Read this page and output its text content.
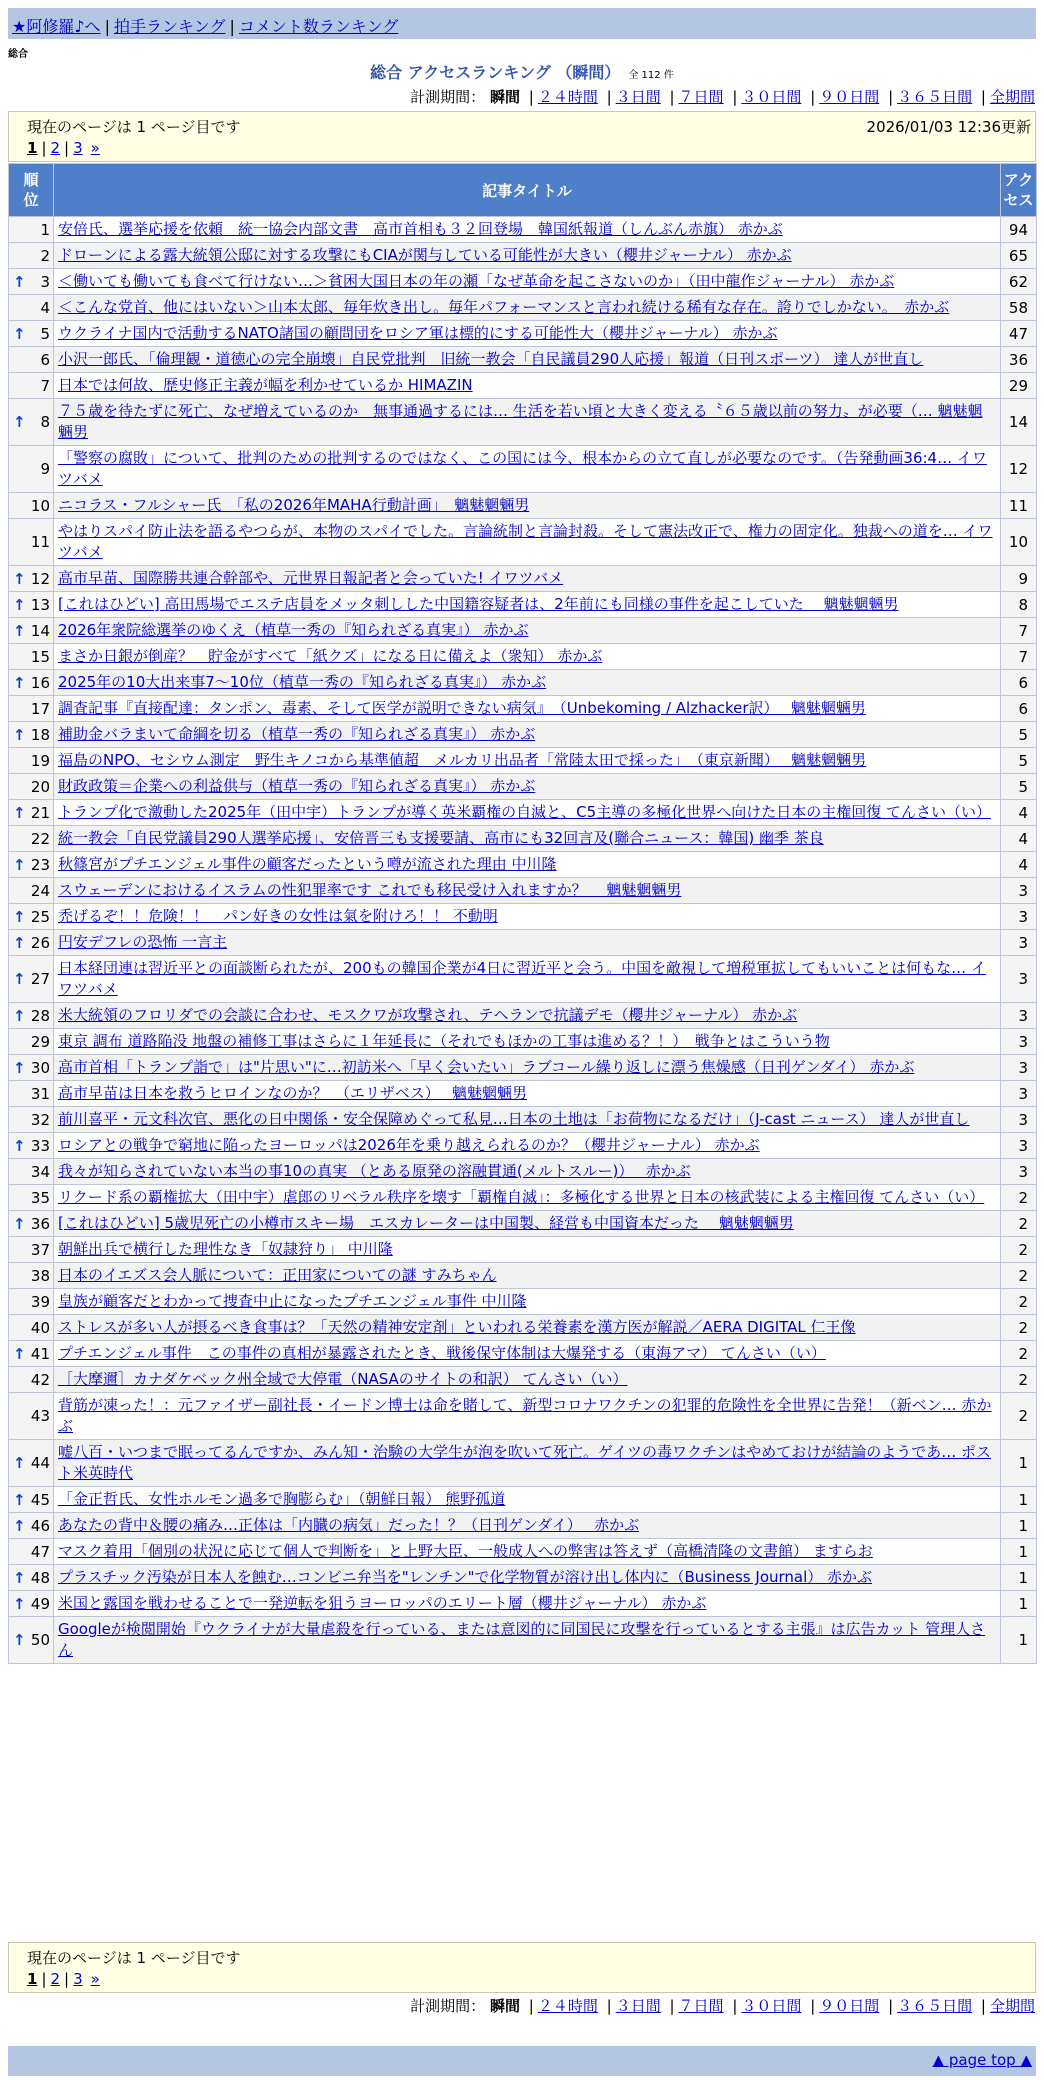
★阿修羅♪へ | 拍手ランキング | コメント数ランキング
総合
総合 アクセスランキング （瞬間） 全 112 件
計測期間： 瞬間 | ２４時間 | ３日間 | ７日間 | ３０日間 | ９０日間 | ３６５日間 | 全期間
現在のページは 1 ページ目です	2026/01/03 12:36更新
1 | 2 | 3 »
順位	記事タイトル	アクセス

1	安倍氏、選挙応援を依頼　統一協会内部文書　高市首相も３２回登場　韓国紙報道（しんぶん赤旗） 赤かぶ	94
2	ドローンによる露大統領公邸に対する攻撃にもCIAが関与している可能性が大きい（櫻井ジャーナル） 赤かぶ	65

↑ 3	＜働いても働いても食べて行けない…＞貧困大国日本の年の瀬「なぜ革命を起こさないのか」（田中龍作ジャーナル） 赤かぶ	62
4	＜こんな党首、他にはいない＞山本太郎、毎年炊き出し。毎年パフォーマンスと言われ続ける稀有な存在。誇りでしかない。　赤かぶ	58

↑ 5	ウクライナ国内で活動するNATO諸国の顧問団をロシア軍は標的にする可能性大（櫻井ジャーナル） 赤かぶ	47
6	小沢一郎氏、「倫理観・道徳心の完全崩壊」自民党批判　旧統一教会「自民議員290人応援」報道（日刊スポーツ） 達人が世直し	36
7	日本では何故、歴史修正主義が幅を利かせているか HIMAZIN	29

↑ 8	７５歳を待たずに死亡、なぜ増えているのか　無事通過するには… 生活を若い頃と大きく変える〝６５歳以前の努力〟が必要（… 魑魅魍魎男	14
9	「警察の腐敗」について、批判のための批判するのではなく、この国には今、根本からの立て直しが必要なのです。（告発動画36:4… イワツバメ	12
10	ニコラス・フルシャー氏　「私の2026年MAHA行動計画」　魑魅魍魎男	11
11	やはりスパイ防止法を語るやつらが、本物のスパイでした。言論統制と言論封殺。そして憲法改正で、権力の固定化。独裁への道を… イワツバメ	10

↑ 12	高市早苗、国際勝共連合幹部や、元世界日報記者と会っていた! イワツバメ	9

↑ 13	[これはひどい] 高田馬場でエステ店員をメッタ刺しした中国籍容疑者は、2年前にも同様の事件を起こしていた　 魑魅魍魎男	8

↑ 14	2026年衆院総選挙のゆくえ（植草一秀の『知られざる真実』） 赤かぶ	7
15	まさか日銀が倒産？　貯金がすべて「紙クズ」になる日に備えよ（衆知） 赤かぶ	7

↑ 16	2025年の10大出来事7〜10位（植草一秀の『知られざる真実』） 赤かぶ	6
17	調査記事『直接配達：タンポン、毒素、そして医学が説明できない病気』　（Unbekoming / Alzhacker訳）　 魑魅魍魎男	6

↑ 18	補助金バラまいて命綱を切る（植草一秀の『知られざる真実』） 赤かぶ	5
19	福島のNPO、セシウム測定　野生キノコから基準値超　メルカリ出品者「常陸太田で採った」　（東京新聞）　 魑魅魍魎男	5
20	財政政策＝企業への利益供与（植草一秀の『知られざる真実』） 赤かぶ	5

↑ 21	トランプ化で激動した2025年（田中宇）トランプが導く英米覇権の自滅と、C5主導の多極化世界へ向けた日本の主権回復 てんさい（い）	4
22	統一教会「自民党議員290人選挙応援」、安倍晋三も支援要請、高市にも32回言及(聯合ニュース：韓国) 幽季 茶良	4

↑ 23	秋篠宮がプチエンジェル事件の顧客だったという噂が流された理由 中川隆	4
24	スウェーデンにおけるイスラムの性犯罪率です これでも移民受け入れますか？　 魑魅魍魎男	3

↑ 25	禿げるぞ！！危険！！　パン好きの女性は氣を附けろ！！ 不動明	3

↑ 26	円安デフレの恐怖 一言主	3

↑ 27	日本経団連は習近平との面談断られたが、200もの韓国企業が4日に習近平と会う。中国を敵視して増税軍拡してもいいことは何もな… イワツバメ	3

↑ 28	米大統領のフロリダでの会談に合わせ、モスクワが攻撃され、テヘランで抗議デモ（櫻井ジャーナル） 赤かぶ	3
29	東京 調布 道路陥没 地盤の補修工事はさらに１年延長に（それでもほかの工事は進める？！）　戦争とはこういう物	3

↑ 30	高市首相「トランプ詣で」は"片思い"に…初訪米へ「早く会いたい」ラブコール繰り返しに漂う焦燥感（日刊ゲンダイ） 赤かぶ	3
31	高市早苗は日本を救うヒロインなのか？　（エリザベス）　 魑魅魍魎男	3
32	前川喜平・元文科次官、悪化の日中関係・安全保障めぐって私見…日本の土地は「お荷物になるだけ」（J-cast ニュース） 達人が世直し	3

↑ 33	ロシアとの戦争で窮地に陥ったヨーロッパは2026年を乗り越えられるのか？（櫻井ジャーナル） 赤かぶ	3
34	我々が知らされていない本当の事10の真実 （とある原発の溶融貫通(メルトスルー)）　 赤かぶ	3
35	リクード系の覇権拡大（田中宇）虐郎のリベラル秩序を壊す「覇権自滅」：多極化する世界と日本の核武装による主権回復 てんさい（い）	2

↑ 36	[これはひどい] 5歳児死亡の小樽市スキー場　エスカレーターは中国製、経営も中国資本だった　 魑魅魍魎男	2
37	朝鮮出兵で横行した理性なき「奴隷狩り」 中川隆	2
38	日本のイエズス会人脈について：正田家についての謎 すみちゃん	2
39	皇族が顧客だとわかって捜査中止になったプチエンジェル事件 中川隆	2
40	ストレスが多い人が摂るべき食事は？「天然の精神安定剤」といわれる栄養素を漢方医が解説／AERA DIGITAL 仁王像	2

↑ 41	プチエンジェル事件　この事件の真相が暴露されたとき、戦後保守体制は大爆発する（東海アマ） てんさい（い）	2
42	［大摩邇］カナダケベック州全域で大停電（NASAのサイトの和訳） てんさい（い）	2
43	背筋が凍った！：元ファイザー副社長・イードン博士は命を賭して、新型コロナワクチンの犯罪的危険性を全世界に告発！（新ベン… 赤かぶ	2

↑ 44	嘘八百・いつまで眠ってるんですか、みん知・治験の大学生が泡を吹いて死亡。ゲイツの毒ワクチンはやめておけが結論のようであ… ポスト米英時代	1

↑ 45	「金正哲氏、女性ホルモン過多で胸膨らむ」（朝鮮日報） 熊野孤道	1

↑ 46	あなたの背中＆腰の痛み…正体は「内臓の病気」だった！？（日刊ゲンダイ）　 赤かぶ	1
47	マスク着用「個別の状況に応じて個人で判断を」と上野大臣、一般成人への弊害は答えず（高橋清隆の文書館） ますらお	1

↑ 48	プラスチック汚染が日本人を蝕む…コンビニ弁当を"レンチン"で化学物質が溶け出し体内に（Business Journal） 赤かぶ	1

↑ 49	米国と露国を戦わせることで一発逆転を狙うヨーロッパのエリート層（櫻井ジャーナル） 赤かぶ	1

↑ 50	Googleが検閲開始『ウクライナが大量虐殺を行っている、または意図的に同国民に攻撃を行っているとする主張』は広告カット 管理人さん	1
現在のページは 1 ページ目です
1 | 2 | 3 »
計測期間： 瞬間 | ２４時間 | ３日間 | ７日間 | ３０日間 | ９０日間 | ３６５日間 | 全期間
▲ page top ▲
